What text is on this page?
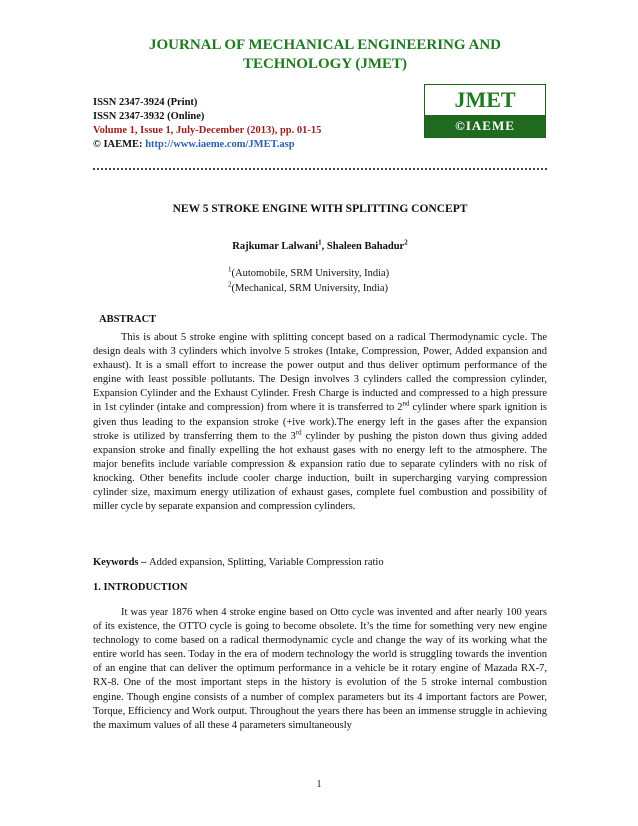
JOURNAL OF MECHANICAL ENGINEERING AND
TECHNOLOGY (JMET)
ISSN 2347-3924 (Print)
ISSN 2347-3932 (Online)
Volume 1, Issue 1, July-December (2013), pp. 01-15
© IAEME: http://www.iaeme.com/JMET.asp
JMET
©IAEME
NEW 5 STROKE ENGINE WITH SPLITTING CONCEPT
Rajkumar Lalwani$^1$, Shaleen Bahadur$^2$
$^1$(Automobile, SRM University, India)
$^2$(Mechanical, SRM University, India)
ABSTRACT

This is about 5 stroke engine with splitting concept based on a radical Thermodynamic cycle. The design deals with 3 cylinders which involve 5 strokes (Intake, Compression, Power, Added expansion and exhaust). It is a small effort to increase the power output and thus deliver optimum performance of the engine with least possible pollutants. The Design involves 3 cylinders called the compression cylinder, Expansion Cylinder and the Exhaust Cylinder. Fresh Charge is inducted and compressed to a high pressure in 1st cylinder (intake and compression) from where it is transferred to 2nd cylinder where spark ignition is given thus leading to the expansion stroke (+ive work).The energy left in the gases after the expansion stroke is utilized by transferring them to the 3rd cylinder by pushing the piston down thus giving added expansion stroke and finally expelling the hot exhaust gases with no energy left to the atmosphere. The major benefits include variable compression & expansion ratio due to separate cylinders with no risk of knocking. Other benefits include cooler charge induction, built in supercharging varying compression cylinder size, maximum energy utilization of exhaust gases, complete fuel combustion and possibility of miller cycle by separate expansion and compression cylinders.

Keywords – Added expansion, Splitting, Variable Compression ratio
1. INTRODUCTION

It was year 1876 when 4 stroke engine based on Otto cycle was invented and after nearly 100 years of its existence, the OTTO cycle is going to become obsolete. It’s the time for something very new engine technology to come based on a radical thermodynamic cycle and change the way of its working what the entire world has seen. Today in the era of modern technology the world is struggling towards the invention of an engine that can deliver the optimum performance in a vehicle be it rotary engine of Mazada RX-7, RX-8. One of the most important steps in the history is evolution of the 5 stroke internal combustion engine. Though engine consists of a number of complex parameters but its 4 important factors are Power, Torque, Efficiency and Work output. Throughout the years there has been an immense struggle in achieving the maximum values of all these 4 parameters simultaneously

1
